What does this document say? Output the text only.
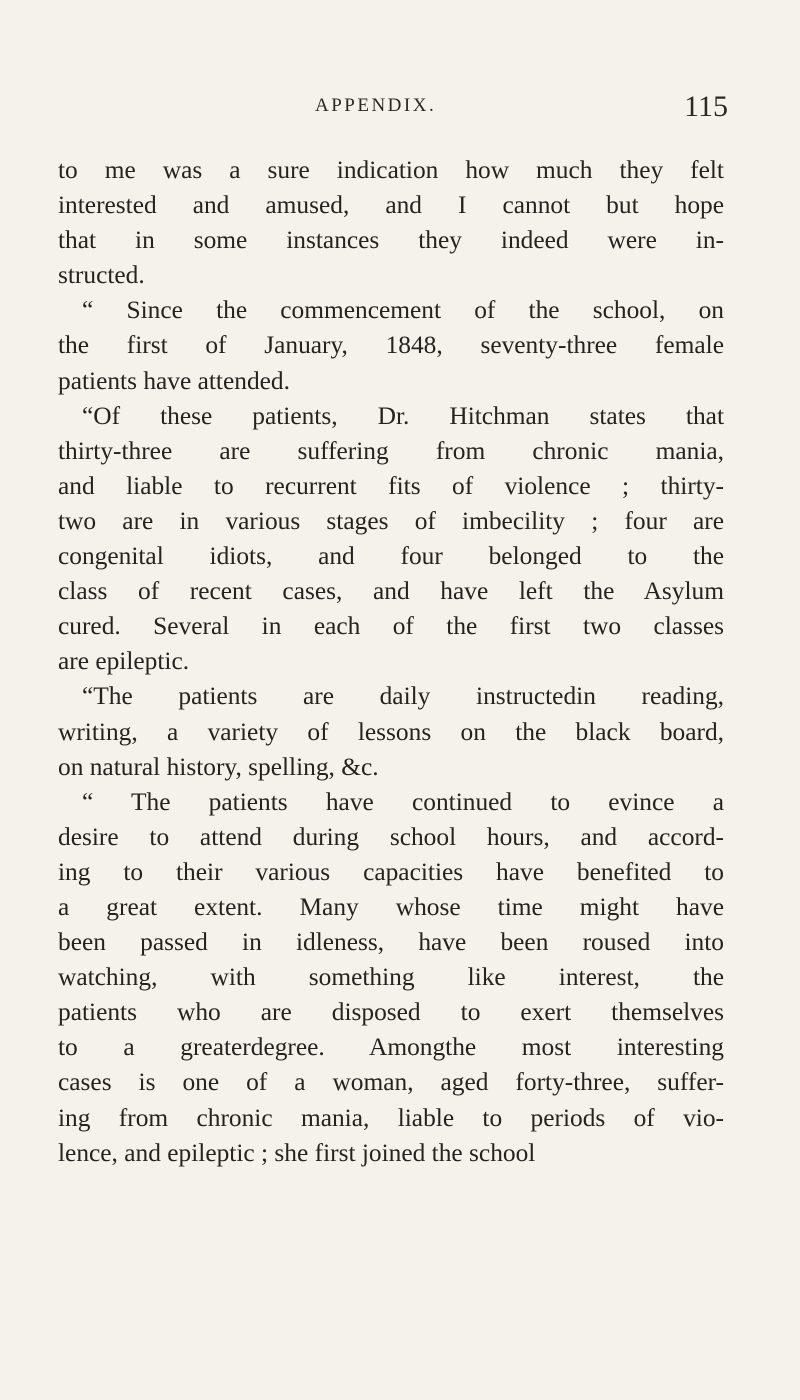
APPENDIX.	115
to me was a sure indication how much they felt
interested and amused, and I cannot but hope
that in some instances they indeed were in-
structed.
“ Since the commencement of the school, on
the first of January, 1848, seventy-three female
patients have attended.
“Of these patients, Dr. Hitchman states that
thirty-three are suffering from chronic mania,
and liable to recurrent fits of violence ; thirty-
two are in various stages of imbecility ; four are
congenital idiots, and four belonged to the
class of recent cases, and have left the Asylum
cured. Several in each of the first two classes
are epileptic.
“The patients are daily instructedin reading,
writing, a variety of lessons on the black board,
on natural history, spelling, &c.
“ The patients have continued to evince a
desire to attend during school hours, and accord-
ing to their various capacities have benefited to
a great extent. Many whose time might have
been passed in idleness, have been roused into
watching, with something like interest, the
patients who are disposed to exert themselves
to a greaterdegree. Amongthe most interesting
cases is one of a woman, aged forty-three, suffer-
ing from chronic mania, liable to periods of vio-
lence, and epileptic ; she first joined the school
